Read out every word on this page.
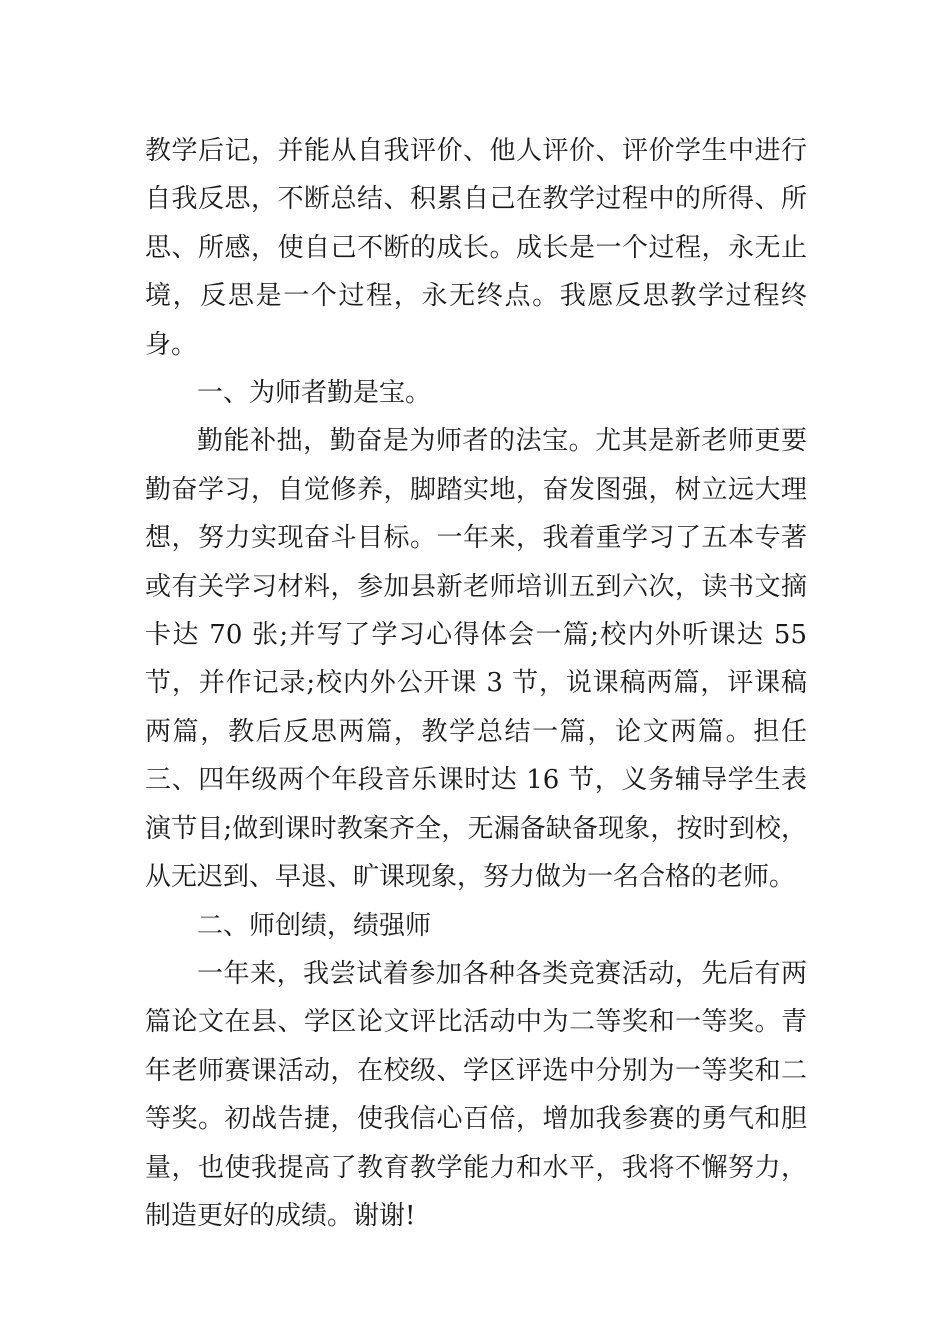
教学后记，并能从自我评价、他人评价、评价学生中进行自我反思，不断总结、积累自己在教学过程中的所得、所思、所感，使自己不断的成长。成长是一个过程，永无止境，反思是一个过程，永无终点。我愿反思教学过程终身。

一、为师者勤是宝。

勤能补拙，勤奋是为师者的法宝。尤其是新老师更要勤奋学习，自觉修养，脚踏实地，奋发图强，树立远大理想，努力实现奋斗目标。一年来，我着重学习了五本专著或有关学习材料，参加县新老师培训五到六次，读书文摘卡达 70 张;并写了学习心得体会一篇;校内外听课达 55 节，并作记录;校内外公开课 3 节，说课稿两篇，评课稿两篇，教后反思两篇，教学总结一篇，论文两篇。担任三、四年级两个年段音乐课时达 16 节，义务辅导学生表演节目;做到课时教案齐全，无漏备缺备现象，按时到校，从无迟到、早退、旷课现象，努力做为一名合格的老师。

二、师创绩，绩强师

一年来，我尝试着参加各种各类竞赛活动，先后有两篇论文在县、学区论文评比活动中为二等奖和一等奖。青年老师赛课活动，在校级、学区评选中分别为一等奖和二等奖。初战告捷，使我信心百倍，增加我参赛的勇气和胆量，也使我提高了教育教学能力和水平，我将不懈努力，制造更好的成绩。谢谢!
